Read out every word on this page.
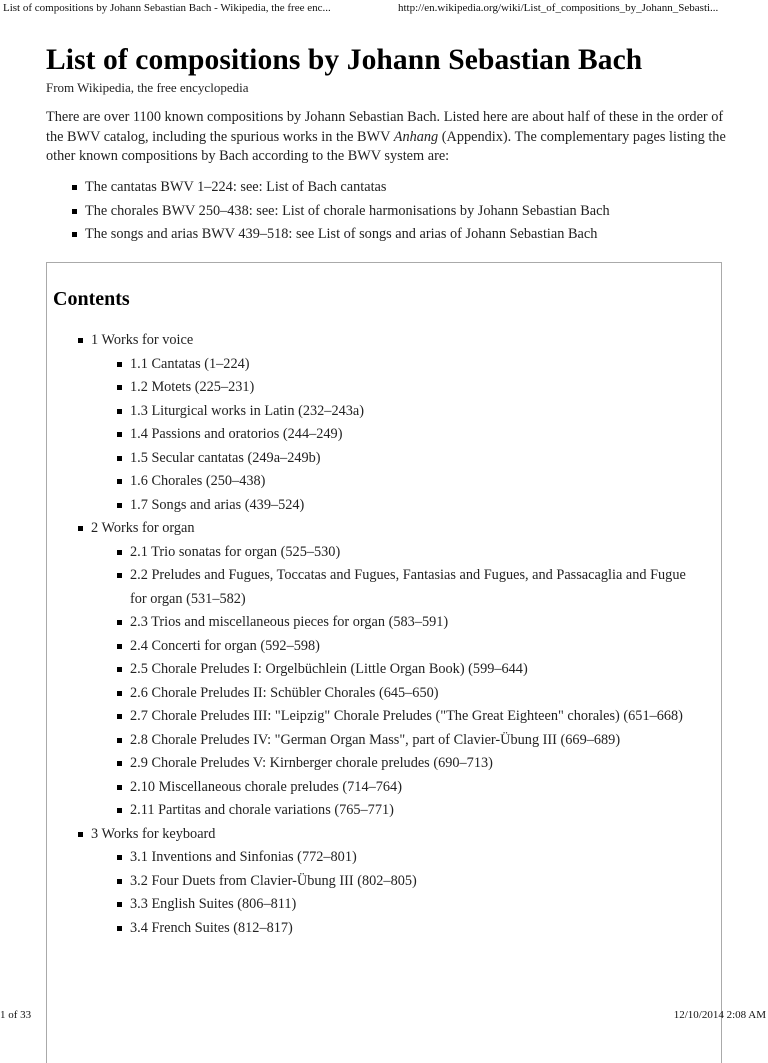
List of compositions by Johann Sebastian Bach - Wikipedia, the free enc...	http://en.wikipedia.org/wiki/List_of_compositions_by_Johann_Sebasti...
List of compositions by Johann Sebastian Bach
From Wikipedia, the free encyclopedia

There are over 1100 known compositions by Johann Sebastian Bach. Listed here are about half of these in the order of the BWV catalog, including the spurious works in the BWV Anhang (Appendix). The complementary pages listing the other known compositions by Bach according to the BWV system are:

The cantatas BWV 1–224: see: List of Bach cantatas
The chorales BWV 250–438: see: List of chorale harmonisations by Johann Sebastian Bach
The songs and arias BWV 439–518: see List of songs and arias of Johann Sebastian Bach
Contents
1 Works for voice
1.1 Cantatas (1–224)
1.2 Motets (225–231)
1.3 Liturgical works in Latin (232–243a)
1.4 Passions and oratorios (244–249)
1.5 Secular cantatas (249a–249b)
1.6 Chorales (250–438)
1.7 Songs and arias (439–524)
2 Works for organ
2.1 Trio sonatas for organ (525–530)
2.2 Preludes and Fugues, Toccatas and Fugues, Fantasias and Fugues, and Passacaglia and Fugue for organ (531–582)
2.3 Trios and miscellaneous pieces for organ (583–591)
2.4 Concerti for organ (592–598)
2.5 Chorale Preludes I: Orgelbüchlein (Little Organ Book) (599–644)
2.6 Chorale Preludes II: Schübler Chorales (645–650)
2.7 Chorale Preludes III: "Leipzig" Chorale Preludes ("The Great Eighteen" chorales) (651–668)
2.8 Chorale Preludes IV: "German Organ Mass", part of Clavier-Übung III (669–689)
2.9 Chorale Preludes V: Kirnberger chorale preludes (690–713)
2.10 Miscellaneous chorale preludes (714–764)
2.11 Partitas and chorale variations (765–771)
3 Works for keyboard
3.1 Inventions and Sinfonias (772–801)
3.2 Four Duets from Clavier-Übung III (802–805)
3.3 English Suites (806–811)
3.4 French Suites (812–817)
1 of 33	12/10/2014 2:08 AM
